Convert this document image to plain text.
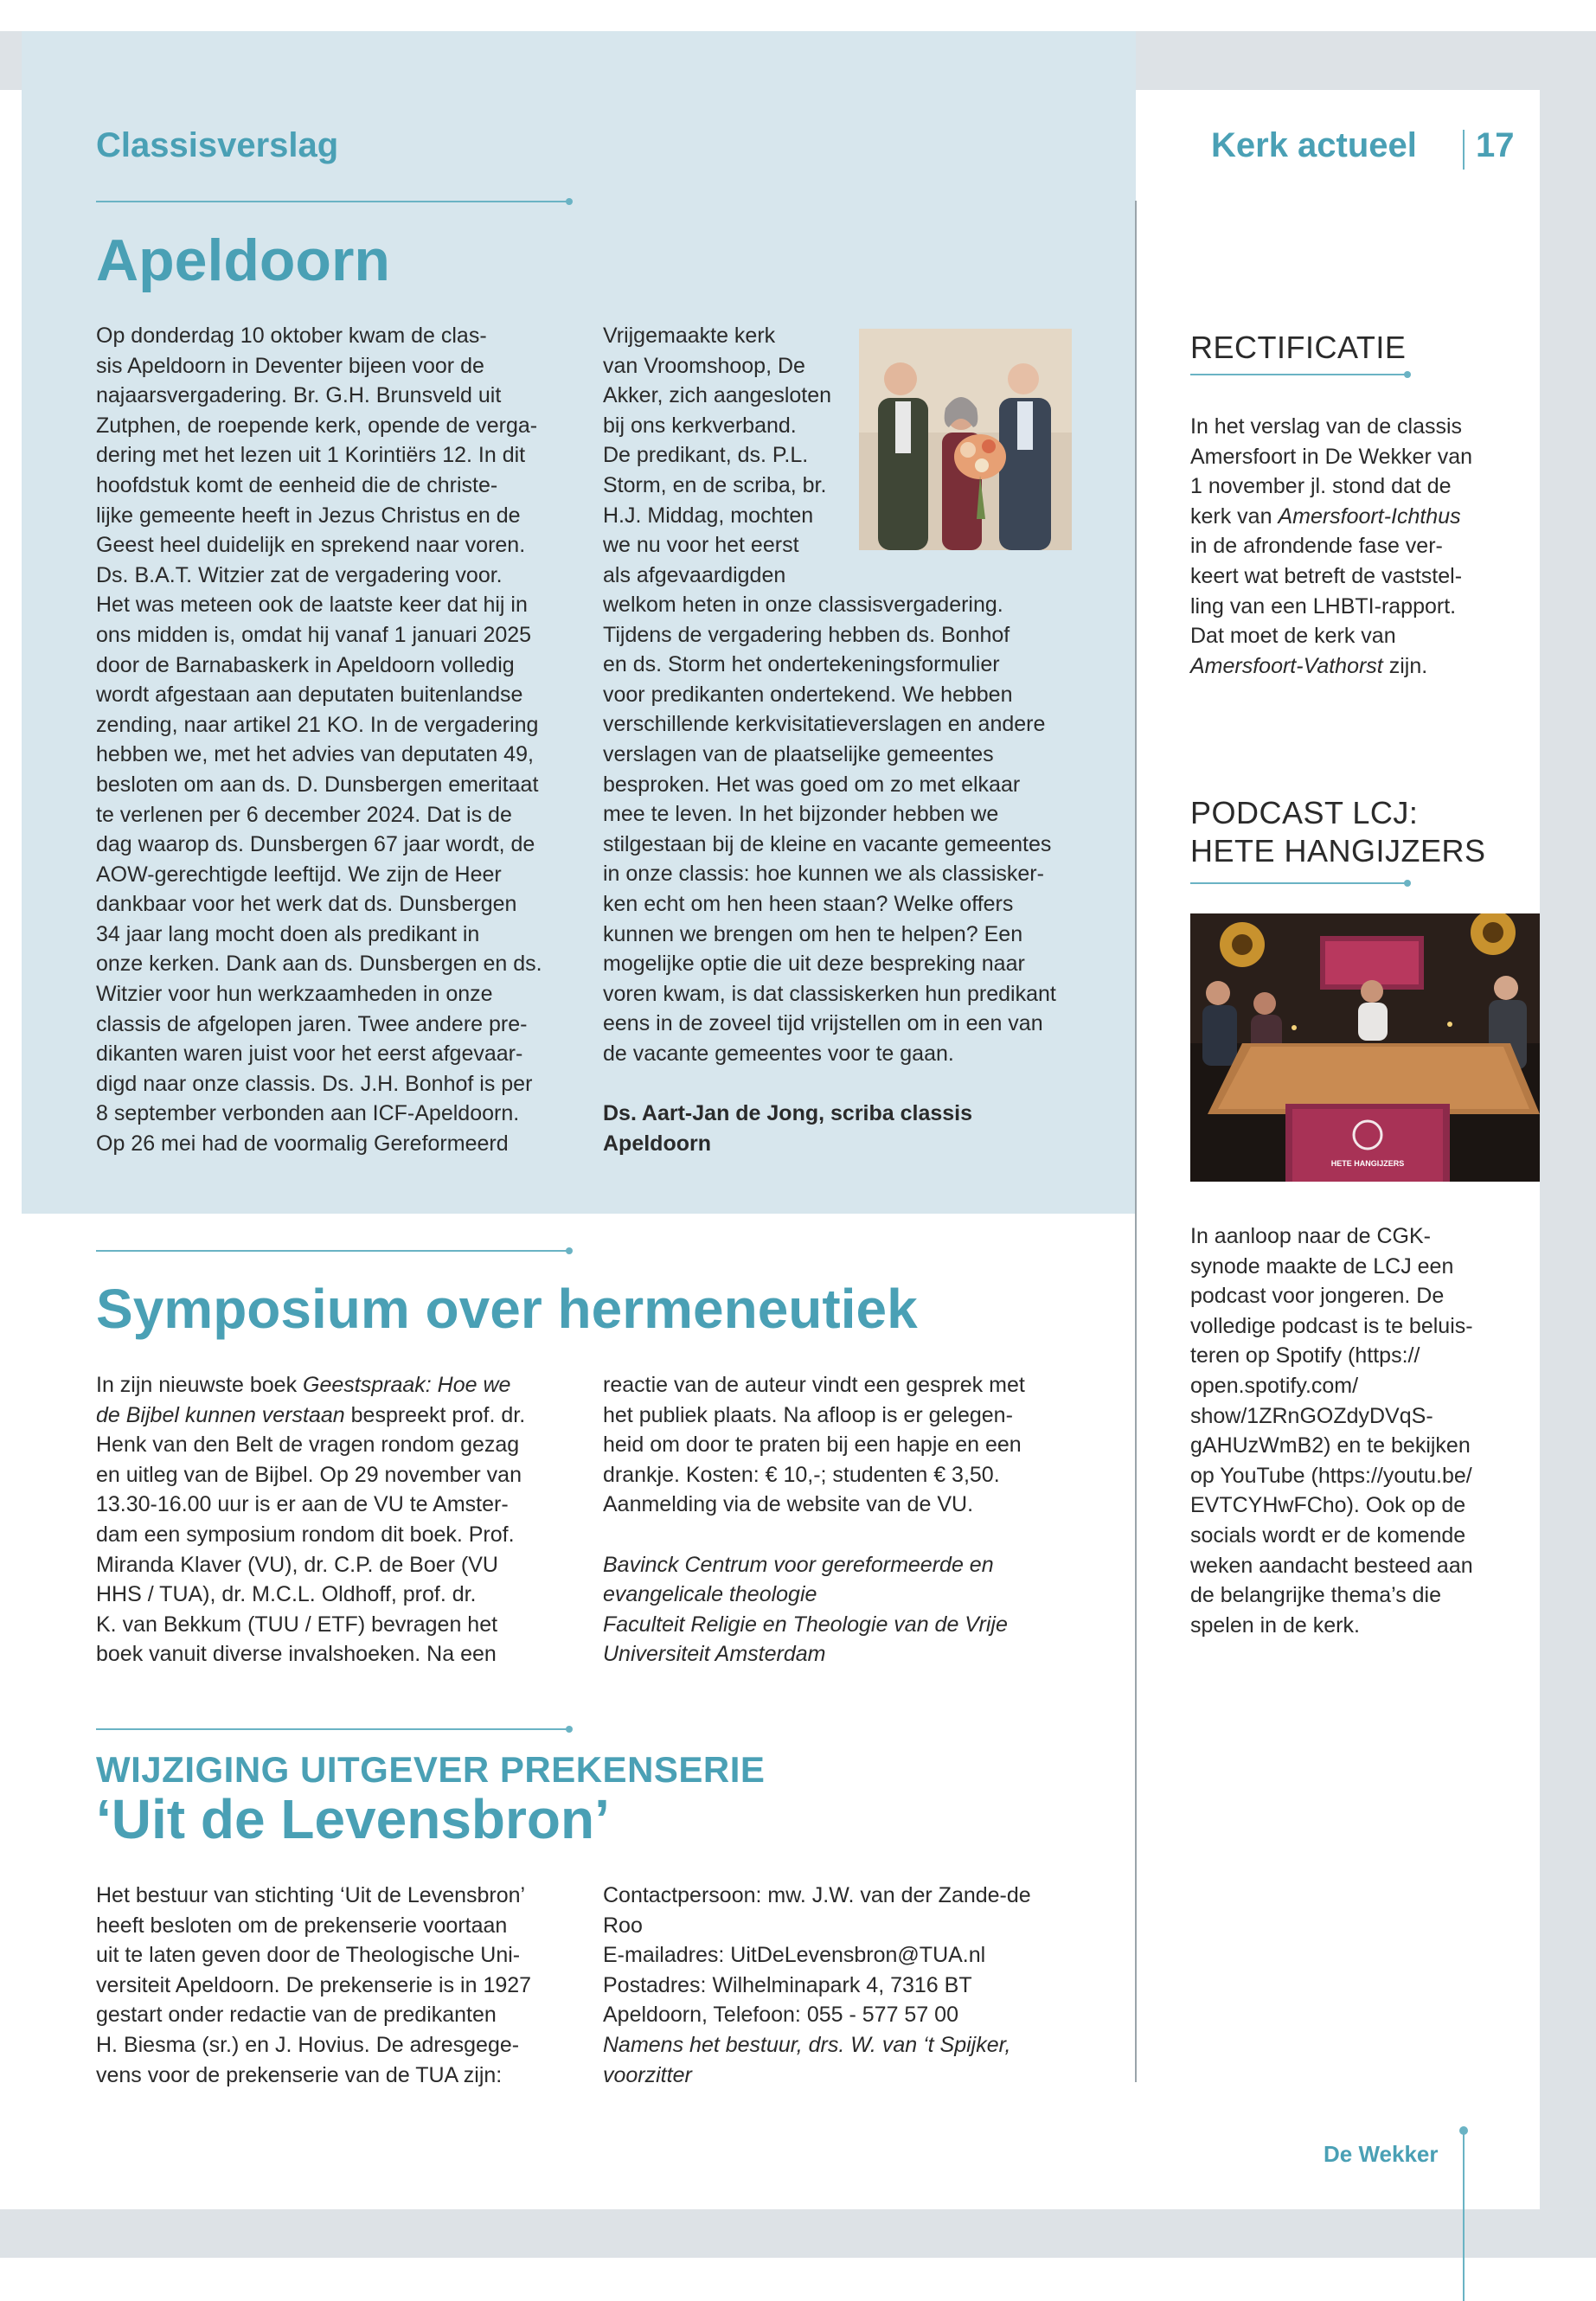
Classisverslag	Kerk actueel 17
Apeldoorn

Op donderdag 10 oktober kwam de clas-

sis Apeldoorn in Deventer bijeen voor de

najaarsvergadering. Br. G.H. Brunsveld uit

Zutphen, de roepende kerk, opende de verga-

dering met het lezen uit 1 Korintiërs 12. In dit

hoofdstuk komt de eenheid die de christe-

lijke gemeente heeft in Jezus Christus en de

Geest heel duidelijk en sprekend naar voren.

Ds. B.A.T. Witzier zat de vergadering voor.

Het was meteen ook de laatste keer dat hij in

ons midden is, omdat hij vanaf 1 januari 2025

door de Barnabaskerk in Apeldoorn volledig

wordt afgestaan aan deputaten buitenlandse

zending, naar artikel 21 KO. In de vergadering

hebben we, met het advies van deputaten 49,

besloten om aan ds. D. Dunsbergen emeritaat

te verlenen per 6 december 2024. Dat is de

dag waarop ds. Dunsbergen 67 jaar wordt, de

AOW-gerechtigde leeftijd. We zijn de Heer

dankbaar voor het werk dat ds. Dunsbergen

34 jaar lang mocht doen als predikant in

onze kerken. Dank aan ds. Dunsbergen en ds.

Witzier voor hun werkzaamheden in onze

classis de afgelopen jaren. Twee andere pre-

dikanten waren juist voor het eerst afgevaar-

digd naar onze classis. Ds. J.H. Bonhof is per

8 september verbonden aan ICF-Apeldoorn.

Op 26 mei had de voormalig Gereformeerd

Vrijgemaakte kerk

van Vroomshoop, De

Akker, zich aangesloten

bij ons kerkverband.

De predikant, ds. P.L.

Storm, en de scriba, br.

H.J. Middag, mochten

we nu voor het eerst

als afgevaardigden

welkom heten in onze classisvergadering.

Tijdens de vergadering hebben ds. Bonhof

en ds. Storm het ondertekeningsformulier

voor predikanten ondertekend. We hebben

verschillende kerkvisitatieverslagen en andere

verslagen van de plaatselijke gemeentes

besproken. Het was goed om zo met elkaar

mee te leven. In het bijzonder hebben we

stilgestaan bij de kleine en vacante gemeentes

in onze classis: hoe kunnen we als classisker-

ken echt om hen heen staan? Welke offers

kunnen we brengen om hen te helpen? Een

mogelijke optie die uit deze bespreking naar

voren kwam, is dat classiskerken hun predikant

eens in de zoveel tijd vrijstellen om in een van

de vacante gemeentes voor te gaan.

Ds. Aart-Jan de Jong, scriba classis

Apeldoorn

Symposium over hermeneutiek

In zijn nieuwste boek Geestspraak: Hoe we

de Bijbel kunnen verstaan bespreekt prof. dr.

Henk van den Belt de vragen rondom gezag

en uitleg van de Bijbel. Op 29 november van

13.30-16.00 uur is er aan de VU te Amster-

dam een symposium rondom dit boek. Prof.

Miranda Klaver (VU), dr. C.P. de Boer (VU

HHS / TUA), dr. M.C.L. Oldhoff, prof. dr.

K. van Bekkum (TUU / ETF) bevragen het

boek vanuit diverse invalshoeken. Na een

reactie van de auteur vindt een gesprek met

het publiek plaats. Na afloop is er gelegen-

heid om door te praten bij een hapje en een

drankje. Kosten: € 10,-; studenten € 3,50.

Aanmelding via de website van de VU.

Bavinck Centrum voor gereformeerde en

evangelicale theologie

Faculteit Religie en Theologie van de Vrije

Universiteit Amsterdam

WIJZIGING UITGEVER PREKENSERIE
‘Uit de Levensbron’

Het bestuur van stichting ‘Uit de Levensbron’

heeft besloten om de prekenserie voortaan

uit te laten geven door de Theologische Uni-

versiteit Apeldoorn. De prekenserie is in 1927

gestart onder redactie van de predikanten

H. Biesma (sr.) en J. Hovius. De adresgege-

vens voor de prekenserie van de TUA zijn:

Contactpersoon: mw. J.W. van der Zande-de

Roo

E-mailadres: UitDeLevensbron@TUA.nl

Postadres: Wilhelminapark 4, 7316 BT

Apeldoorn, Telefoon: 055 - 577 57 00

Namens het bestuur, drs. W. van ‘t Spijker,

voorzitter

RECTIFICATIE

In het verslag van de classis

Amersfoort in De Wekker van

1 november jl. stond dat de

kerk van Amersfoort-Ichthus

in de afrondende fase ver-

keert wat betreft de vaststel-

ling van een LHBTI-rapport.

Dat moet de kerk van

Amersfoort-Vathorst zijn.

PODCAST LCJ:
HETE HANGIJZERS
HETE HANGIJZERS

In aanloop naar de CGK-

synode maakte de LCJ een

podcast voor jongeren. De

volledige podcast is te beluis-

teren op Spotify (https://

open.spotify.com/

show/1ZRnGOZdyDVqS-

gAHUzWmB2) en te bekijken

op YouTube (https://youtu.be/

EVTCYHwFCho). Ook op de

socials wordt er de komende

weken aandacht besteed aan

de belangrijke thema’s die

spelen in de kerk.

De Wekker
